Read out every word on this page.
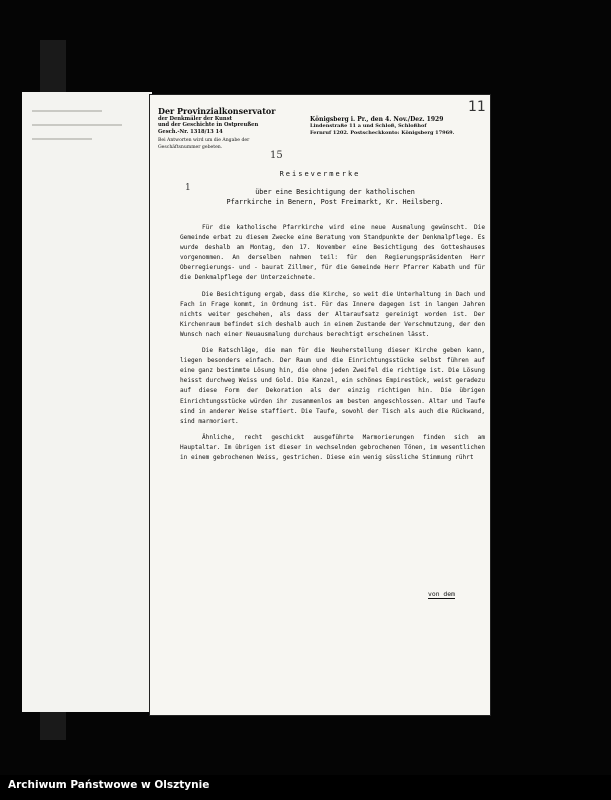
Der Provinzialkonservator
der Denkmäler der Kunst
und der Geschichte in Ostpreußen
Gesch.-Nr. 1318/13 14
Bei Antworten wird um die Angabe der
Geschäftsnummer gebeten.
Königsberg i. Pr., den 4. Nov./Dez. 1929
Lindenstraße 11 a und Schloß, Schloßhof
Fernruf 1202. Postscheckkonto: Königsberg 17969.
11
15
1
Reisevermerke
über eine Besichtigung der katholischen
Pfarrkirche in Benern, Post Freimarkt, Kr. Heilsberg.

Für die katholische Pfarrkirche wird eine neue Ausmalung gewünscht. Die Gemeinde erbat zu diesem Zwecke eine Beratung vom Standpunkte der Denkmalpflege. Es wurde deshalb am Montag, den 17. November eine Besichtigung des Gotteshauses vorgenommen. An derselben nahmen teil: für den Regierungspräsidenten Herr Oberregierungs- und - baurat Zillmer, für die Gemeinde Herr Pfarrer Kabath und für die Denkmalpflege der Unterzeichnete.

Die Besichtigung ergab, dass die Kirche, so weit die Unterhaltung in Dach und Fach in Frage kommt, in Ordnung ist. Für das Innere dagegen ist in langen Jahren nichts weiter geschehen, als dass der Altaraufsatz gereinigt worden ist. Der Kirchenraum befindet sich deshalb auch in einem Zustande der Verschmutzung, der den Wunsch nach einer Neuausmalung durchaus berechtigt erscheinen lässt.

Die Ratschläge, die man für die Neuherstellung dieser Kirche geben kann, liegen besonders einfach. Der Raum und die Einrichtungsstücke selbst führen auf eine ganz bestimmte Lösung hin, die ohne jeden Zweifel die richtige ist. Die Lösung heisst durchweg Weiss und Gold. Die Kanzel, ein schönes Empirestück, weist geradezu auf diese Form der Dekoration als der einzig richtigen hin. Die übrigen Einrichtungsstücke würden ihr zusammenlos am besten angeschlossen. Altar und Taufe sind in anderer Weise staffiert. Die Taufe, sowohl der Tisch als auch die Rückwand, sind marmoriert.

Ähnliche, recht geschickt ausgeführte Marmorierungen finden sich am Hauptaltar. Im übrigen ist dieser in wechselnden gebrochenen Tönen, im wesentlichen in einem gebrochenen Weiss, gestrichen. Diese ein wenig süssliche Stimmung rührt

von dem
Archiwum Państwowe w Olsztynie
